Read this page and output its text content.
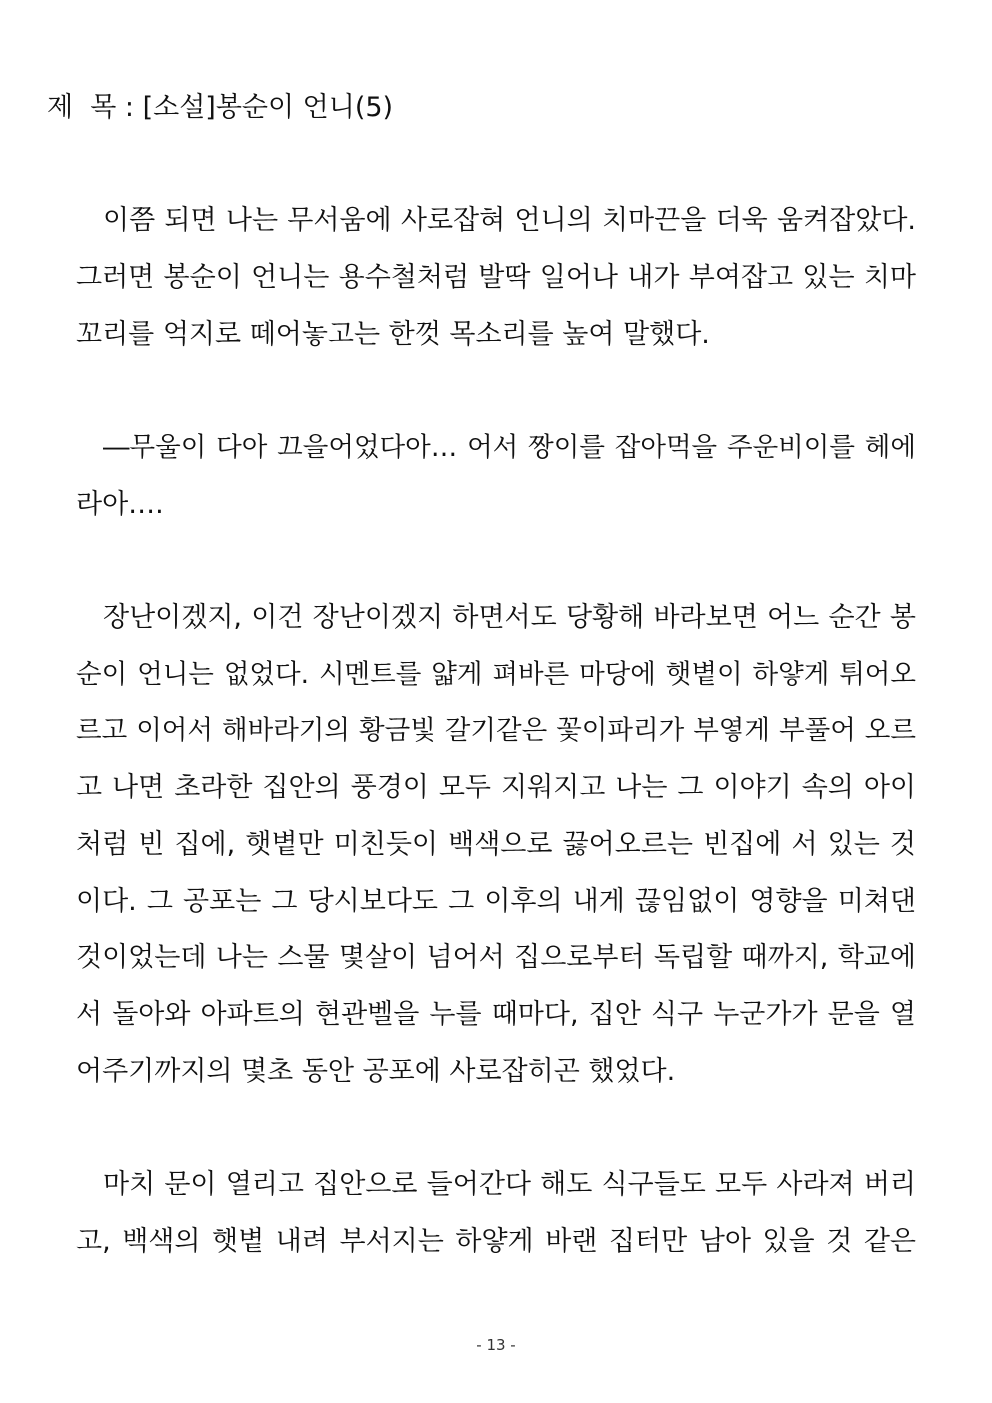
제  목 : [소설]봉순이 언니(5)
이쯤 되면 나는 무서움에 사로잡혀 언니의 치마끈을 더욱 움켜잡았다.
그러면 봉순이 언니는 용수철처럼 발딱 일어나 내가 부여잡고 있는 치마
꼬리를 억지로 떼어놓고는 한껏 목소리를 높여 말했다.
―무울이 다아 끄을어었다아… 어서 짱이를 잡아먹을 주운비이를 헤에
라아….
장난이겠지, 이건 장난이겠지 하면서도 당황해 바라보면 어느 순간 봉
순이 언니는 없었다. 시멘트를 얇게 펴바른 마당에 햇볕이 하얗게 튀어오
르고 이어서 해바라기의 황금빛 갈기같은 꽃이파리가 부옇게 부풀어 오르
고 나면 초라한 집안의 풍경이 모두 지워지고 나는 그 이야기 속의 아이
처럼 빈 집에, 햇볕만 미친듯이 백색으로 끓어오르는 빈집에 서 있는 것
이다. 그 공포는 그 당시보다도 그 이후의 내게 끊임없이 영향을 미쳐댄
것이었는데 나는 스물 몇살이 넘어서 집으로부터 독립할 때까지, 학교에
서 돌아와 아파트의 현관벨을 누를 때마다, 집안 식구 누군가가 문을 열
어주기까지의 몇초 동안 공포에 사로잡히곤 했었다.
마치 문이 열리고 집안으로 들어간다 해도 식구들도 모두 사라져 버리
고, 백색의 햇볕 내려 부서지는 하얗게 바랜 집터만 남아 있을 것 같은
- 13 -
